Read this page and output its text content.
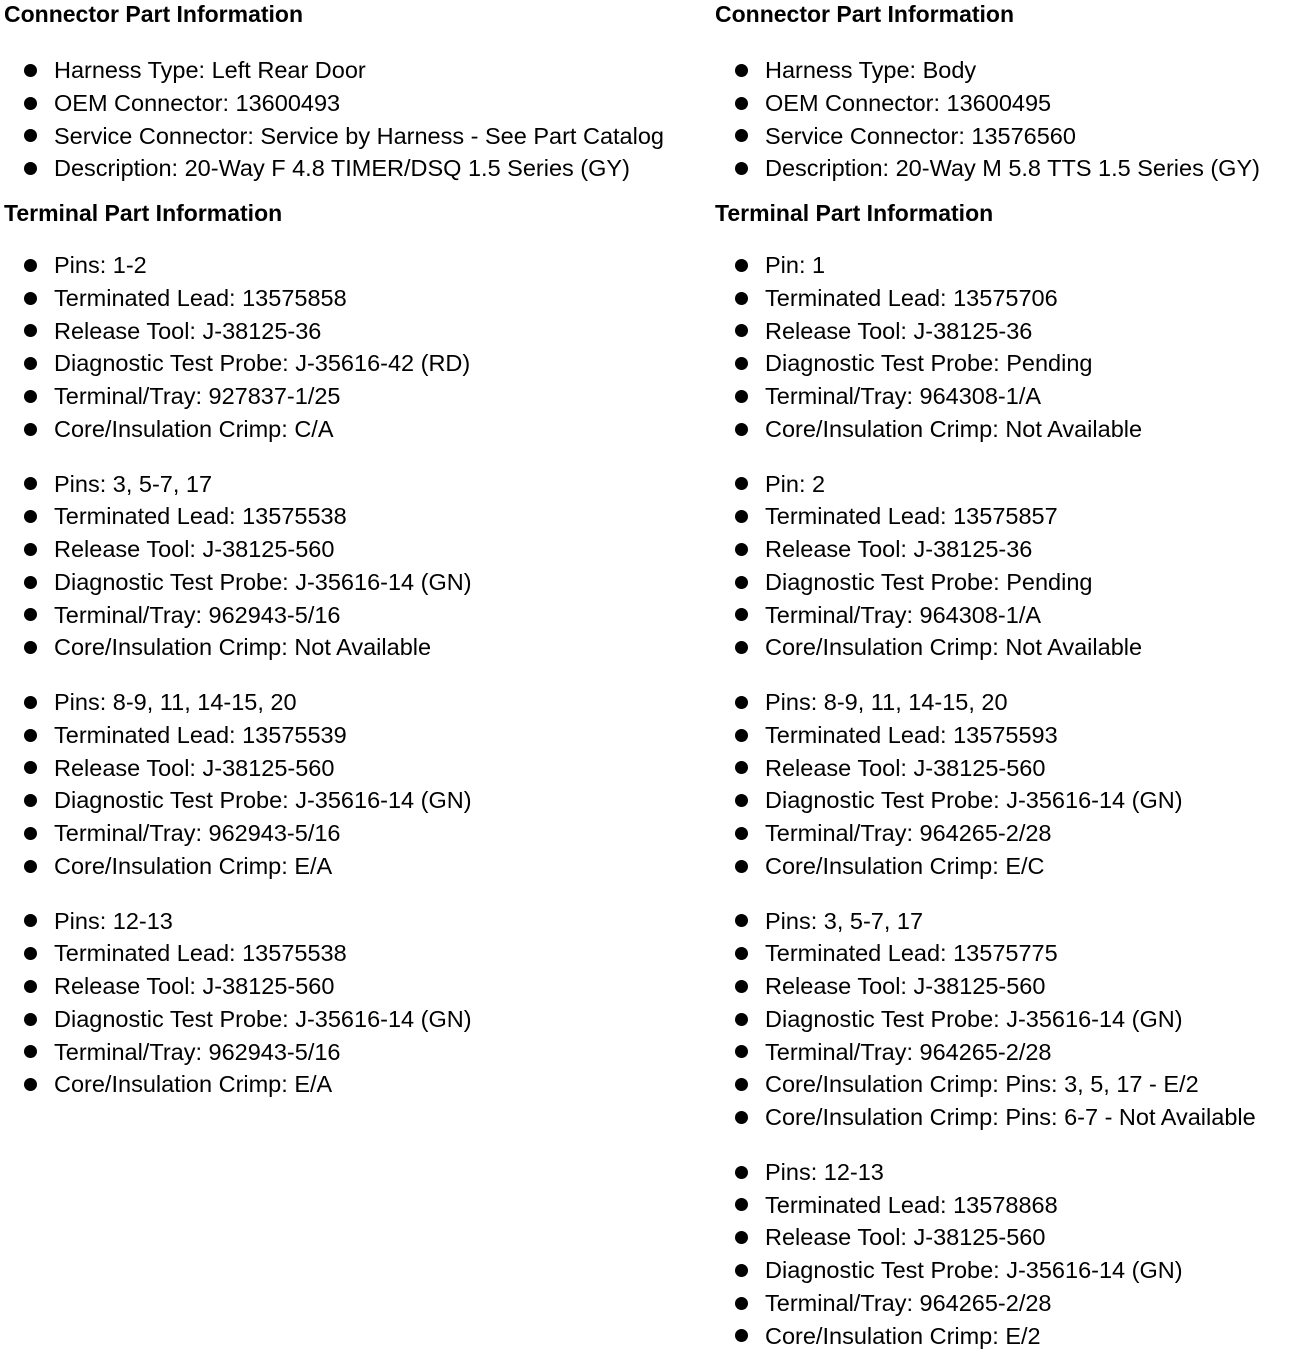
Connector Part Information
Harness Type: Left Rear Door
OEM Connector: 13600493
Service Connector: Service by Harness - See Part Catalog
Description: 20-Way F 4.8 TIMER/DSQ 1.5 Series (GY)
Terminal Part Information
Pins: 1-2
Terminated Lead: 13575858
Release Tool: J-38125-36
Diagnostic Test Probe: J-35616-42 (RD)
Terminal/Tray: 927837-1/25
Core/Insulation Crimp: C/A
Pins: 3, 5-7, 17
Terminated Lead: 13575538
Release Tool: J-38125-560
Diagnostic Test Probe: J-35616-14 (GN)
Terminal/Tray: 962943-5/16
Core/Insulation Crimp: Not Available
Pins: 8-9, 11, 14-15, 20
Terminated Lead: 13575539
Release Tool: J-38125-560
Diagnostic Test Probe: J-35616-14 (GN)
Terminal/Tray: 962943-5/16
Core/Insulation Crimp: E/A
Pins: 12-13
Terminated Lead: 13575538
Release Tool: J-38125-560
Diagnostic Test Probe: J-35616-14 (GN)
Terminal/Tray: 962943-5/16
Core/Insulation Crimp: E/A
Connector Part Information
Harness Type: Body
OEM Connector: 13600495
Service Connector: 13576560
Description: 20-Way M 5.8 TTS 1.5 Series (GY)
Terminal Part Information
Pin: 1
Terminated Lead: 13575706
Release Tool: J-38125-36
Diagnostic Test Probe: Pending
Terminal/Tray: 964308-1/A
Core/Insulation Crimp: Not Available
Pin: 2
Terminated Lead: 13575857
Release Tool: J-38125-36
Diagnostic Test Probe: Pending
Terminal/Tray: 964308-1/A
Core/Insulation Crimp: Not Available
Pins: 8-9, 11, 14-15, 20
Terminated Lead: 13575593
Release Tool: J-38125-560
Diagnostic Test Probe: J-35616-14 (GN)
Terminal/Tray: 964265-2/28
Core/Insulation Crimp: E/C
Pins: 3, 5-7, 17
Terminated Lead: 13575775
Release Tool: J-38125-560
Diagnostic Test Probe: J-35616-14 (GN)
Terminal/Tray: 964265-2/28
Core/Insulation Crimp: Pins: 3, 5, 17 - E/2
Core/Insulation Crimp: Pins: 6-7 - Not Available
Pins: 12-13
Terminated Lead: 13578868
Release Tool: J-38125-560
Diagnostic Test Probe: J-35616-14 (GN)
Terminal/Tray: 964265-2/28
Core/Insulation Crimp: E/2
